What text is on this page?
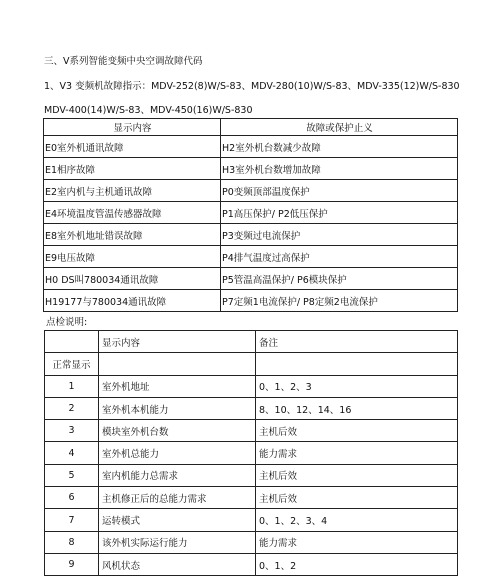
三、V系列智能变频中央空调故障代码
1、V3 变频机故障指示：MDV-252(8)W/S-83、MDV-280(10)W/S-83、MDV-335(12)W/S-830
MDV-400(14)W/S-83、MDV-450(16)W/S-830
显示内容	故障或保护止义
E0室外机通讯故障	H2室外机台数减少故障
E1相序故障	H3室外机台数增加故障
E2室内机与主机通讯故障	P0变频顶部温度保护
E4环境温度管温传感器故障	P1高压保护/ P2低压保护
E8室外机地址错误故障	P3变频过电流保护
E9电压故障	P4排气温度过高保护
H0 DS叫780034通讯故障	P5管温高温保护/ P6模块保护
H19177与780034通讯故障	P7定频1电流保护/ P8定频2电流保护
点检说明:
	显示内容	备注
正常显示		
1	室外机地址	0、1、2、3
2	室外机本机能力	8、10、12、14、16
3	模块室外机台数	主机后效
4	室外机总能力	能力需求
5	室内机能力总需求	主机后效
6	主机修正后的总能力需求	主机后效
7	运转模式	0、1、2、3、4
8	该外机实际运行能力	能力需求
9	风机状态	0、1、2
